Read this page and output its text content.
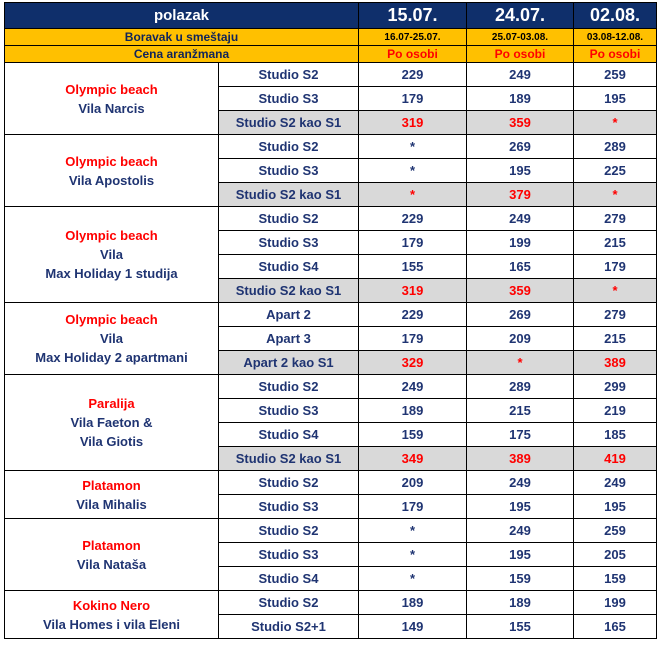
polazak		15.07.	24.07.	02.08.
Boravak u smeštaju		16.07-25.07.	25.07-03.08.	03.08-12.08.
Cena aranžmana		Po osobi	Po osobi	Po osobi

Olympic beach
Vila Narcis	Studio S2	229	249	259
	Studio S3	179	189	195
	Studio S2 kao S1	319	359	*

Olympic beach
Vila Apostolis	Studio S2	*	269	289
	Studio S3	*	195	225
	Studio S2 kao S1	*	379	*

Olympic beach
Vila
Max Holiday 1 studija	Studio S2	229	249	279
	Studio S3	179	199	215
	Studio S4	155	165	179
	Studio S2 kao S1	319	359	*

Olympic beach
Vila
Max Holiday 2 apartmani	Apart 2	229	269	279
	Apart 3	179	209	215
	Apart 2 kao S1	329	*	389

Paralija
Vila Faeton &
Vila Giotis	Studio S2	249	289	299
	Studio S3	189	215	219
	Studio S4	159	175	185
	Studio S2 kao S1	349	389	419

Platamon
Vila Mihalis	Studio S2	209	249	249
	Studio S3	179	195	195

Platamon
Vila Nataša	Studio S2	*	249	259
	Studio S3	*	195	205
	Studio S4	*	159	159

Kokino Nero
Vila Homes i vila Eleni	Studio S2	189	189	199
	Studio S2+1	149	155	165
